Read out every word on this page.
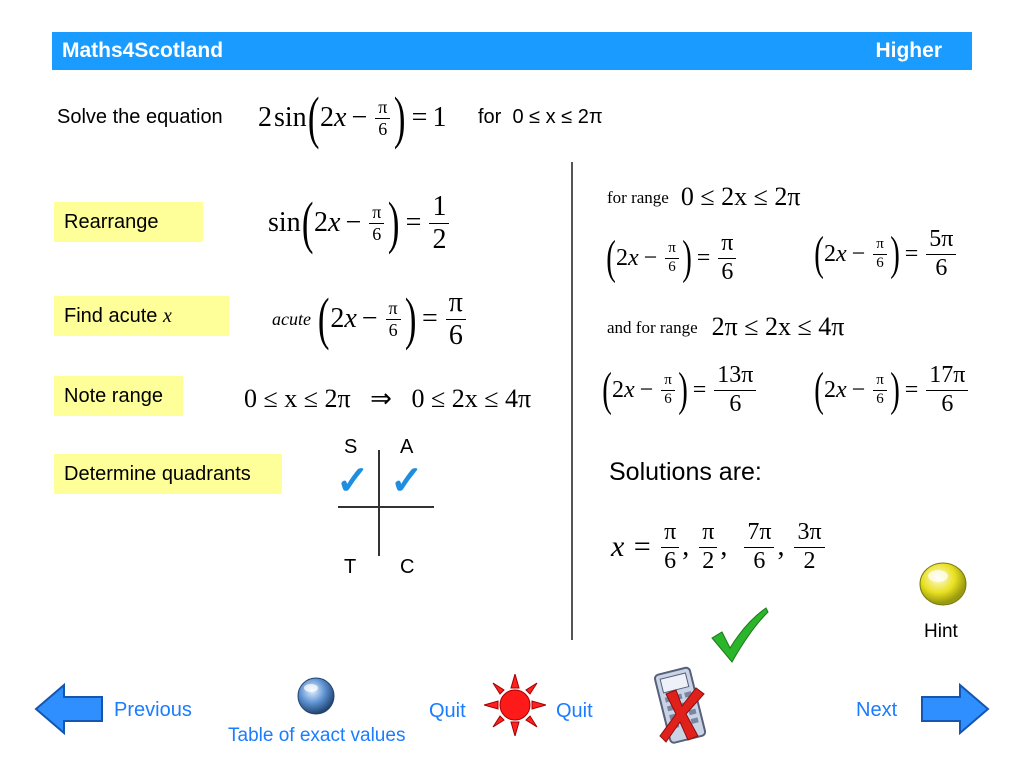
Maths4Scotland	Higher
Solve the equation 2 sin ( 2 $x - \frac{\pi}{6}$ ) = 1 for 0 ≤ x ≤ 2π
Rearrange
Find acute
x
Note range
Determine quadrants
sin ( 2 $x - \frac{\pi}{6}$ ) = $\frac{1}{2}$
acute ( 2 $x - \frac{\pi}{6}$ ) = $\frac{\pi}{6}$
0 ≤ x ≤ 2π   ⇒   0 ≤ 2x ≤ 4π
S A
T C
✓ ✓
for range 0 ≤ 2x ≤ 2π
( 2 $x - \frac{\pi}{6}$ ) = $\frac{\pi}{6}$ ( 2 $x - \frac{\pi}{6}$ ) = $\frac{5\pi}{6}$
and for range 2π ≤ 2x ≤ 4π
( 2 $x - \frac{\pi}{6}$ ) = $\frac{13\pi}{6}$ ( 2 $x - \frac{\pi}{6}$ ) = $\frac{17\pi}{6}$
Solutions are:
$x = \frac{\pi}{6}$ , $\frac{\pi}{2}$ , $\frac{7\pi}{6}$ , $\frac{3\pi}{2}$
Hint
Previous
Table of exact values
Quit	Quit	Next
